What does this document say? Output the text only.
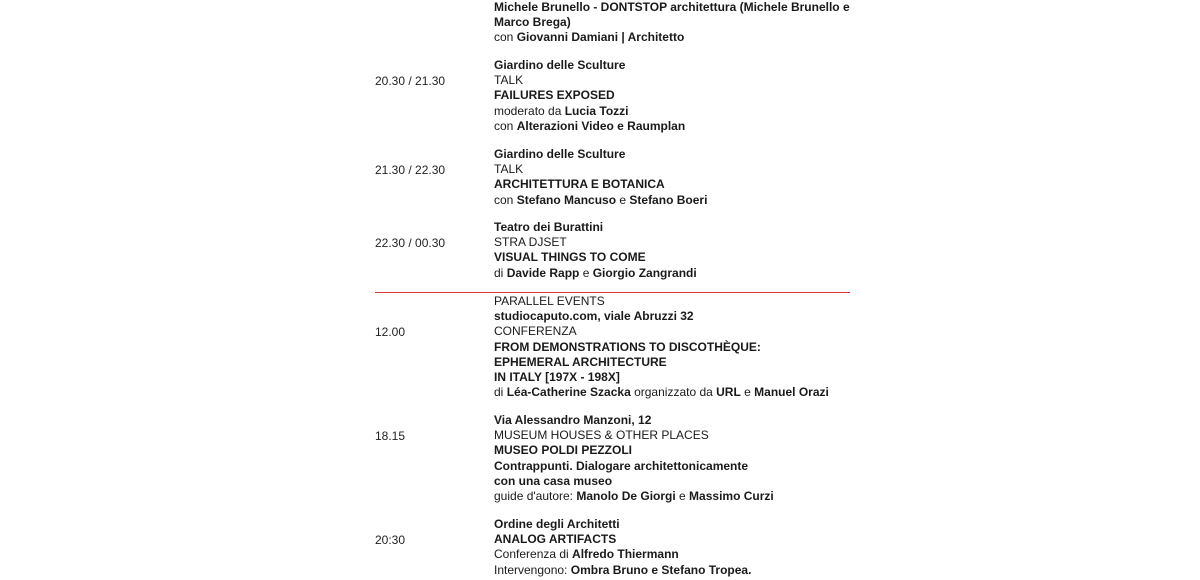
Michele Brunello - DONTSTOP architettura (Michele Brunello e
Marco Brega)
con Giovanni Damiani | Architetto
20.30 / 21.30
Giardino delle Sculture
TALK
FAILURES EXPOSED
moderato da Lucia Tozzi
con Alterazioni Video e Raumplan
21.30 / 22.30
Giardino delle Sculture
TALK
ARCHITETTURA E BOTANICA
con Stefano Mancuso e Stefano Boeri
22.30 / 00.30
Teatro dei Burattini
STRA DJSET
VISUAL THINGS TO COME
di Davide Rapp e Giorgio Zangrandi
12.00
PARALLEL EVENTS
studiocaputo.com, viale Abruzzi 32
CONFERENZA
FROM DEMONSTRATIONS TO DISCOTHÈQUE:
EPHEMERAL ARCHITECTURE
IN ITALY [197X - 198X]
di Léa-Catherine Szacka organizzato da URL e Manuel Orazi
18.15
Via Alessandro Manzoni, 12
MUSEUM HOUSES & OTHER PLACES
MUSEO POLDI PEZZOLI
Contrappunti. Dialogare architettonicamente
con una casa museo
guide d'autore: Manolo De Giorgi e Massimo Curzi
20:30
Ordine degli Architetti
ANALOG ARTIFACTS
Conferenza di Alfredo Thiermann
Intervengono: Ombra Bruno e Stefano Tropea.
